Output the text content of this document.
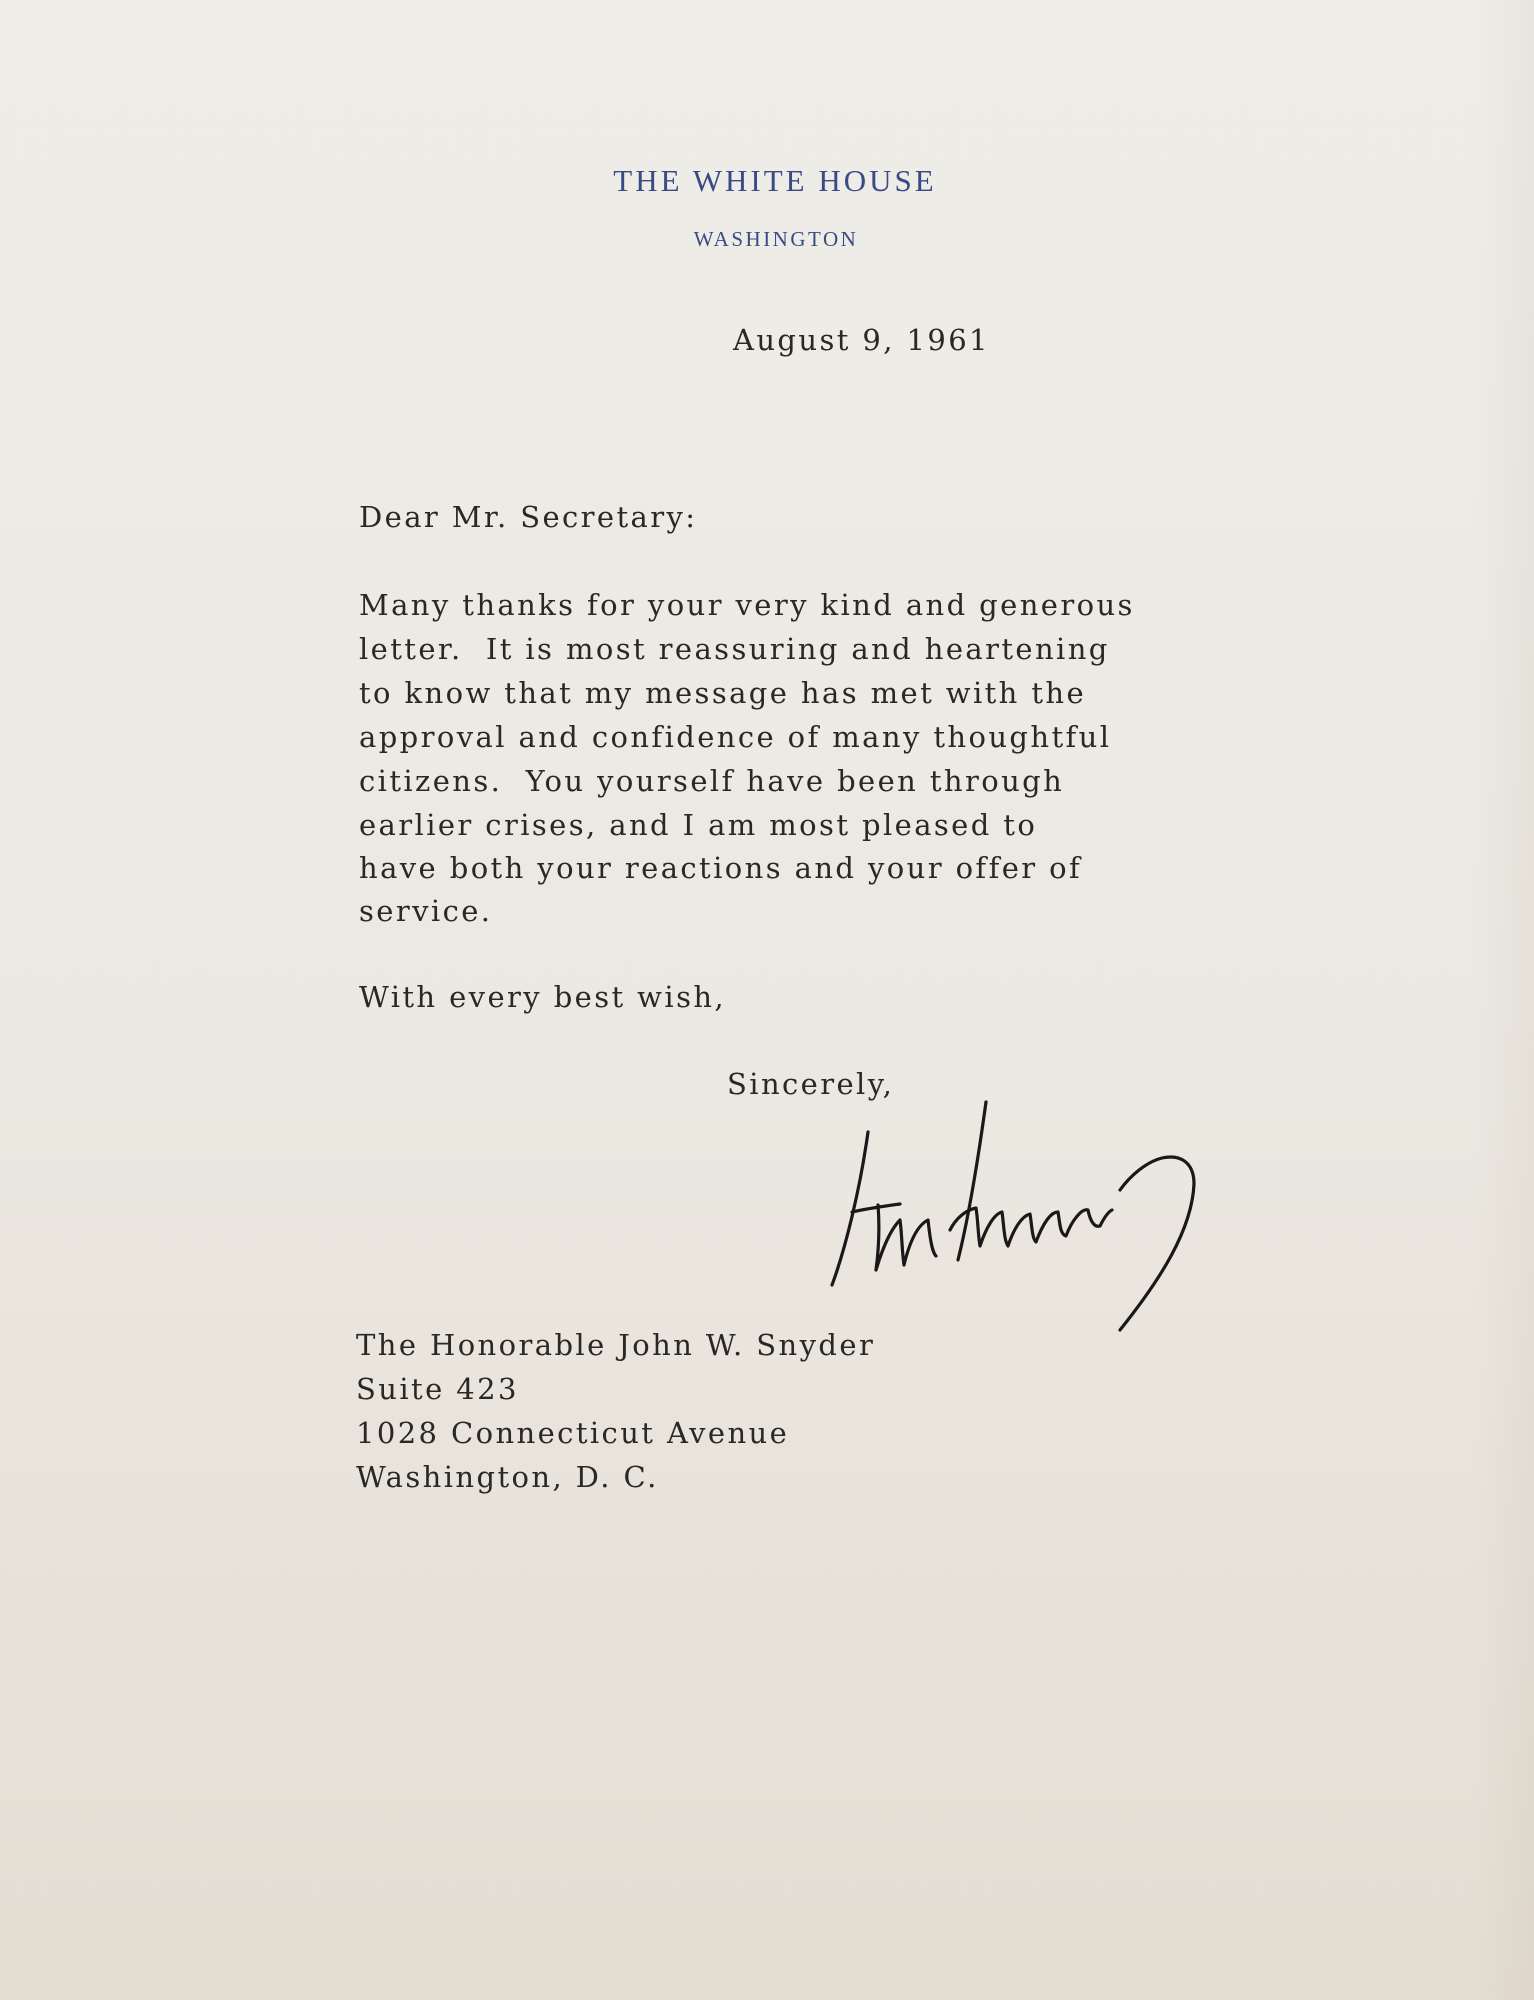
THE WHITE HOUSE
WASHINGTON
August 9, 1961
Dear Mr. Secretary:
Many thanks for your very kind and generous
letter.  It is most reassuring and heartening
to know that my message has met with the
approval and confidence of many thoughtful
citizens.  You yourself have been through
earlier crises, and I am most pleased to
have both your reactions and your offer of
service.
With every best wish,
Sincerely,
The Honorable John W. Snyder
Suite 423
1028 Connecticut Avenue
Washington, D. C.
